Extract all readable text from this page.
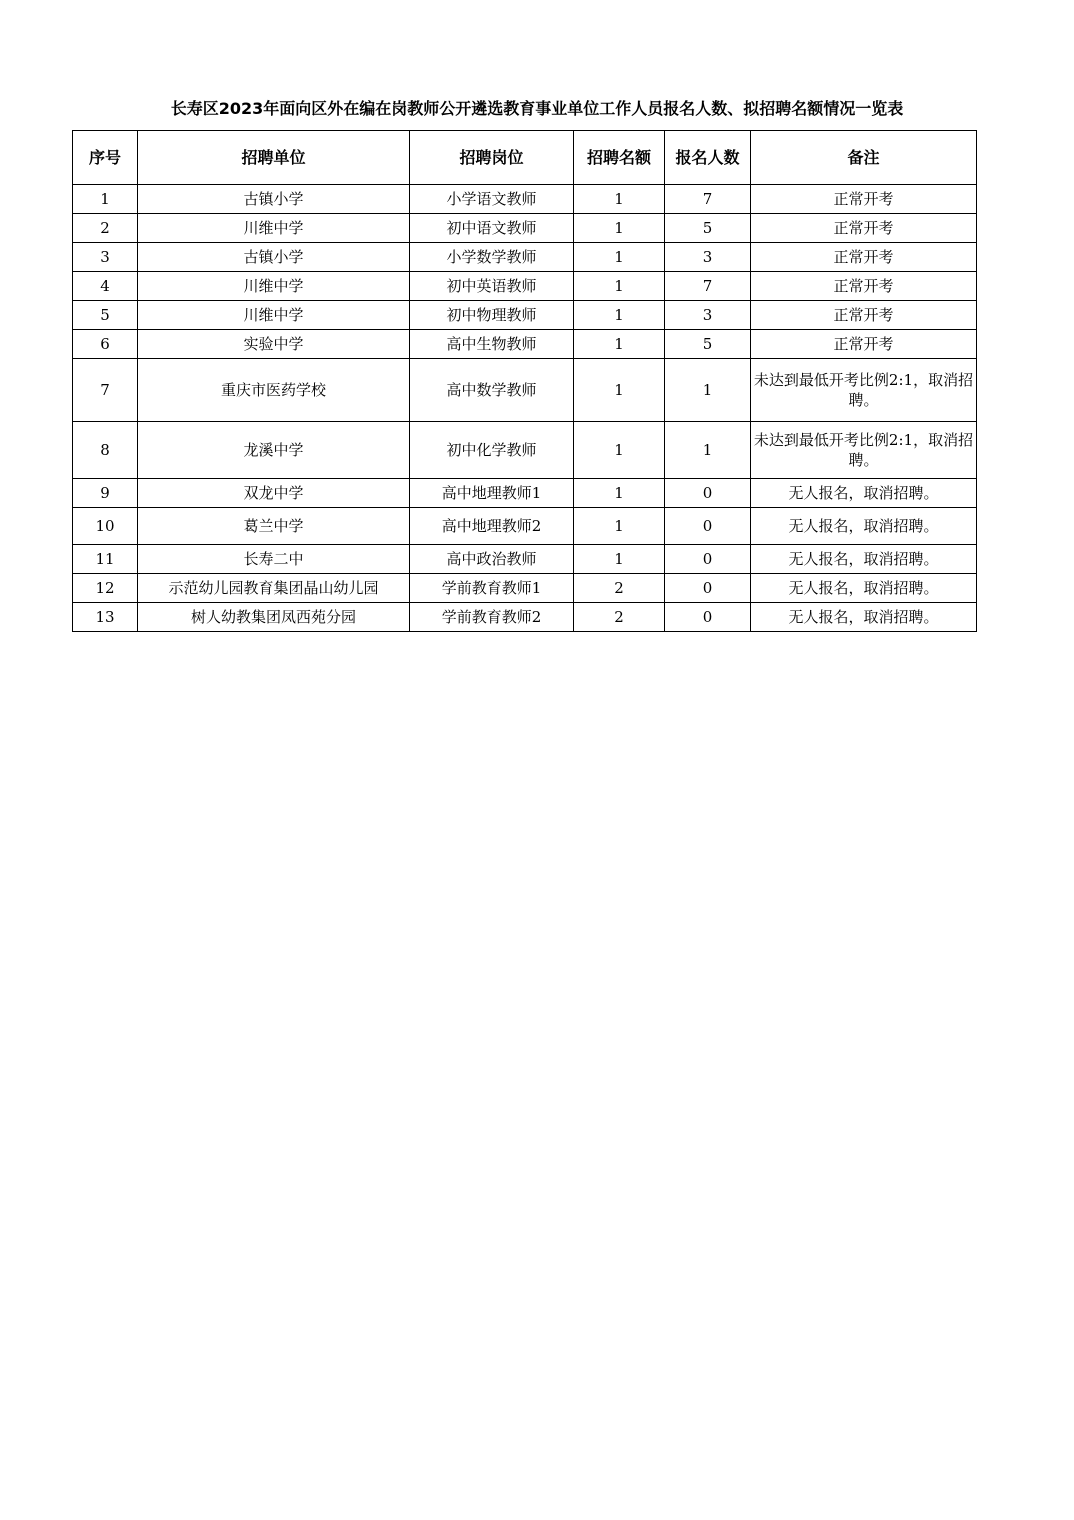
长寿区2023年面向区外在编在岗教师公开遴选教育事业单位工作人员报名人数、拟招聘名额情况一览表
序号	招聘单位	招聘岗位	招聘名额	报名人数	备注
1	古镇小学	小学语文教师	1	7	正常开考
2	川维中学	初中语文教师	1	5	正常开考
3	古镇小学	小学数学教师	1	3	正常开考
4	川维中学	初中英语教师	1	7	正常开考
5	川维中学	初中物理教师	1	3	正常开考
6	实验中学	高中生物教师	1	5	正常开考
7	重庆市医药学校	高中数学教师	1	1	未达到最低开考比例2:1，取消招聘。
8	龙溪中学	初中化学教师	1	1	未达到最低开考比例2:1，取消招聘。
9	双龙中学	高中地理教师1	1	0	无人报名，取消招聘。
10	葛兰中学	高中地理教师2	1	0	无人报名，取消招聘。
11	长寿二中	高中政治教师	1	0	无人报名，取消招聘。
12	示范幼儿园教育集团晶山幼儿园	学前教育教师1	2	0	无人报名，取消招聘。
13	树人幼教集团凤西苑分园	学前教育教师2	2	0	无人报名，取消招聘。
